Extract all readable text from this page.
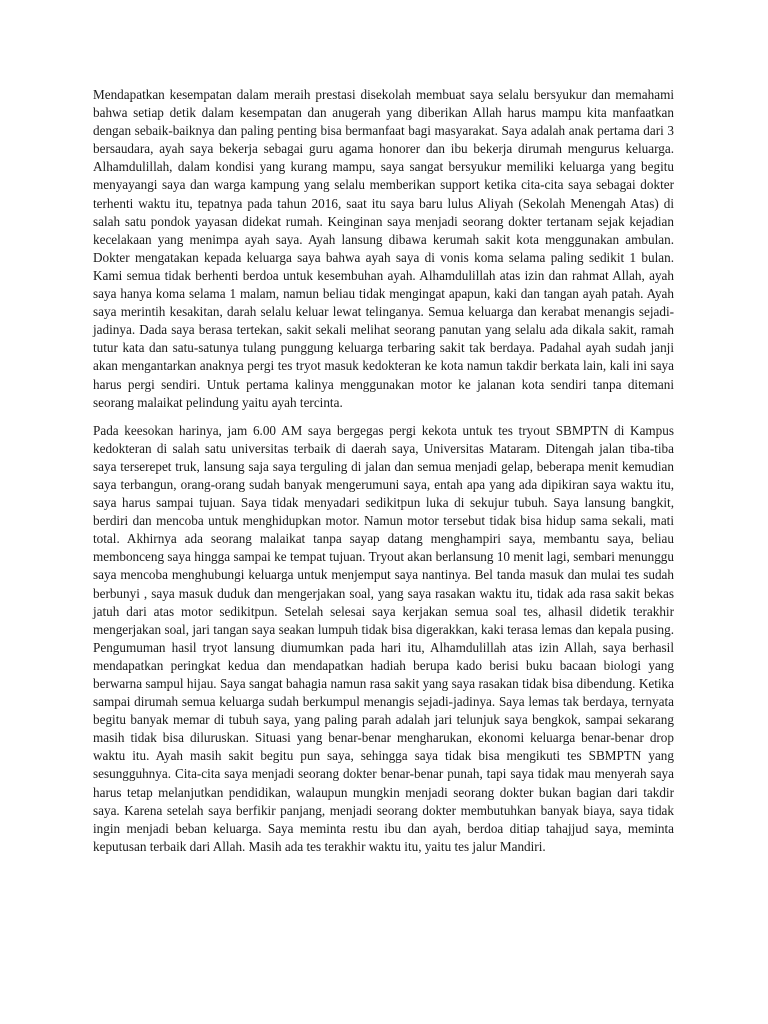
Mendapatkan kesempatan dalam meraih prestasi disekolah membuat saya selalu bersyukur dan memahami bahwa setiap detik dalam kesempatan dan anugerah yang diberikan Allah harus mampu kita manfaatkan dengan sebaik-baiknya dan paling penting bisa bermanfaat bagi masyarakat. Saya adalah anak pertama dari 3 bersaudara, ayah saya bekerja sebagai guru agama honorer dan ibu bekerja dirumah mengurus keluarga. Alhamdulillah, dalam kondisi yang kurang mampu, saya sangat bersyukur memiliki keluarga yang begitu menyayangi saya dan warga kampung yang selalu memberikan support ketika cita-cita saya sebagai dokter terhenti waktu itu, tepatnya pada tahun 2016, saat itu saya baru lulus Aliyah (Sekolah Menengah Atas) di salah satu pondok yayasan didekat rumah. Keinginan saya menjadi seorang dokter tertanam sejak kejadian kecelakaan yang menimpa ayah saya. Ayah lansung dibawa kerumah sakit kota menggunakan ambulan. Dokter mengatakan kepada keluarga saya bahwa ayah saya di vonis koma selama paling sedikit 1 bulan. Kami semua tidak berhenti berdoa untuk kesembuhan ayah. Alhamdulillah atas izin dan rahmat Allah, ayah saya hanya koma selama 1 malam, namun beliau tidak mengingat apapun, kaki dan tangan ayah patah. Ayah saya merintih kesakitan, darah selalu keluar lewat telinganya. Semua keluarga dan kerabat menangis sejadi-jadinya. Dada saya berasa tertekan, sakit sekali melihat seorang panutan yang selalu ada dikala sakit, ramah tutur kata dan satu-satunya tulang punggung keluarga terbaring sakit tak berdaya. Padahal ayah sudah janji akan mengantarkan anaknya pergi tes tryot masuk kedokteran ke kota namun takdir berkata lain, kali ini saya harus pergi sendiri. Untuk pertama kalinya menggunakan motor ke jalanan kota sendiri tanpa ditemani seorang malaikat pelindung yaitu ayah tercinta.

Pada keesokan harinya, jam 6.00 AM saya bergegas pergi kekota untuk tes tryout SBMPTN di Kampus kedokteran di salah satu universitas terbaik di daerah saya, Universitas Mataram. Ditengah jalan tiba-tiba saya terserepet truk, lansung saja saya terguling di jalan dan semua menjadi gelap, beberapa menit kemudian saya terbangun, orang-orang sudah banyak mengerumuni saya, entah apa yang ada dipikiran saya waktu itu, saya harus sampai tujuan. Saya tidak menyadari sedikitpun luka di sekujur tubuh. Saya lansung bangkit, berdiri dan mencoba untuk menghidupkan motor. Namun motor tersebut tidak bisa hidup sama sekali, mati total. Akhirnya ada seorang malaikat tanpa sayap datang menghampiri saya, membantu saya, beliau membonceng saya hingga sampai ke tempat tujuan. Tryout akan berlansung 10 menit lagi, sembari menunggu saya mencoba menghubungi keluarga untuk menjemput saya nantinya. Bel tanda masuk dan mulai tes sudah berbunyi , saya masuk duduk dan mengerjakan soal, yang saya rasakan waktu itu, tidak ada rasa sakit bekas jatuh dari atas motor sedikitpun. Setelah selesai saya kerjakan semua soal tes, alhasil didetik terakhir mengerjakan soal, jari tangan saya seakan lumpuh tidak bisa digerakkan, kaki terasa lemas dan kepala pusing. Pengumuman hasil tryot lansung diumumkan pada hari itu, Alhamdulillah atas izin Allah, saya berhasil mendapatkan peringkat kedua dan mendapatkan hadiah berupa kado berisi buku bacaan biologi yang berwarna sampul hijau. Saya sangat bahagia namun rasa sakit yang saya rasakan tidak bisa dibendung. Ketika sampai dirumah semua keluarga sudah berkumpul menangis sejadi-jadinya. Saya lemas tak berdaya, ternyata begitu banyak memar di tubuh saya, yang paling parah adalah jari telunjuk saya bengkok, sampai sekarang masih tidak bisa diluruskan. Situasi yang benar-benar mengharukan, ekonomi keluarga benar-benar drop waktu itu. Ayah masih sakit begitu pun saya, sehingga saya tidak bisa mengikuti tes SBMPTN yang sesungguhnya. Cita-cita saya menjadi seorang dokter benar-benar punah, tapi saya tidak mau menyerah saya harus tetap melanjutkan pendidikan, walaupun mungkin menjadi seorang dokter bukan bagian dari takdir saya. Karena setelah saya berfikir panjang, menjadi seorang dokter membutuhkan banyak biaya, saya tidak ingin menjadi beban keluarga. Saya meminta restu ibu dan ayah, berdoa ditiap tahajjud saya, meminta keputusan terbaik dari Allah. Masih ada tes terakhir waktu itu, yaitu tes jalur Mandiri.
